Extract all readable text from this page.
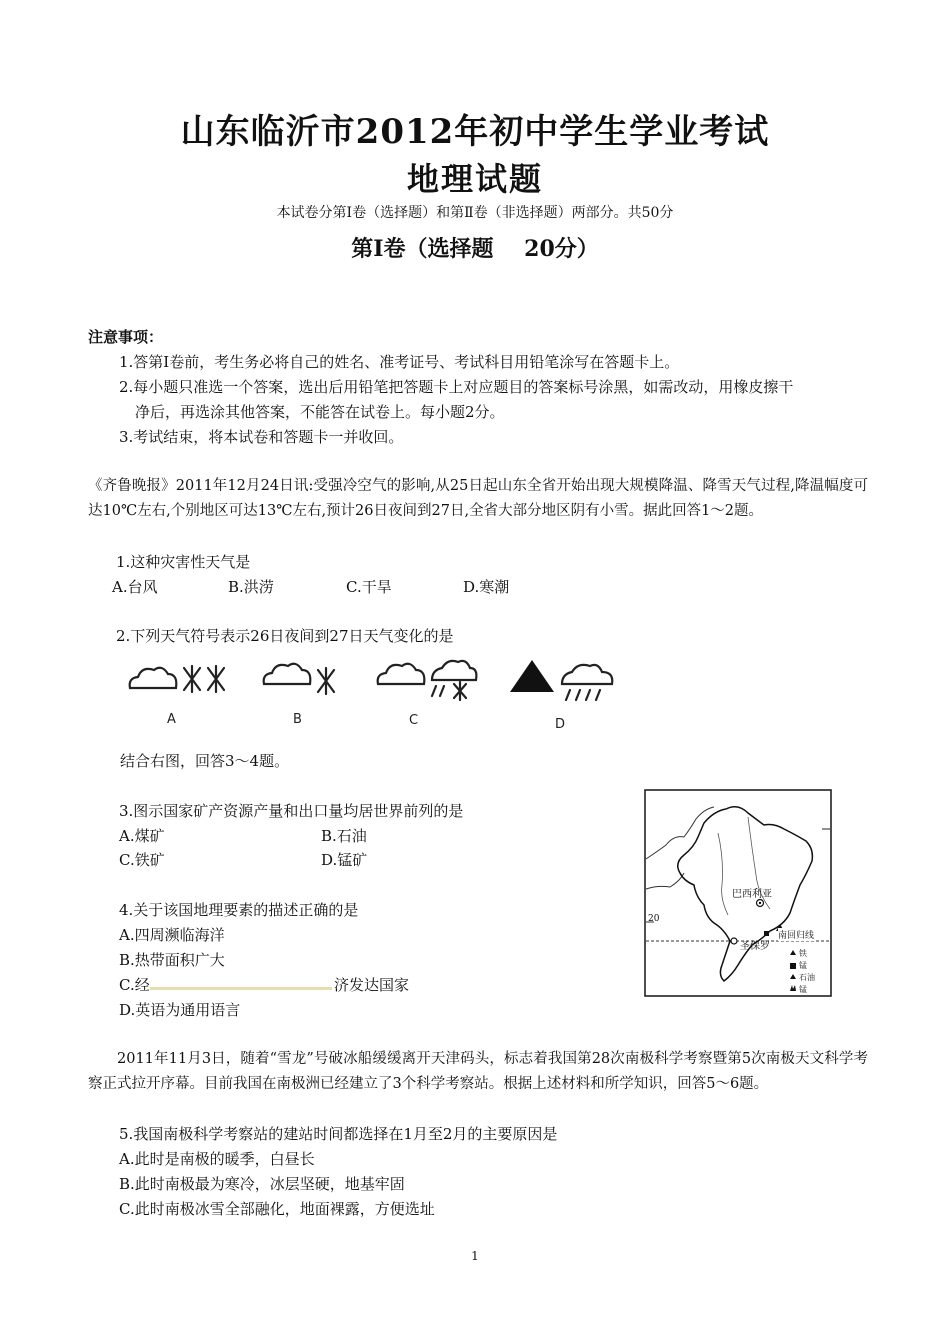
山东临沂市2012年初中学生学业考试
地理试题
本试卷分第Ⅰ卷（选择题）和第Ⅱ卷（非选择题）两部分。共50分
第Ⅰ卷（选择题    20分）
注意事项：
1.答第Ⅰ卷前，考生务必将自己的姓名、准考证号、考试科目用铅笔涂写在答题卡上。
2.每小题只准选一个答案，选出后用铅笔把答题卡上对应题目的答案标号涂黑，如需改动，用橡皮擦干
净后，再选涂其他答案，不能答在试卷上。每小题2分。
3.考试结束，将本试卷和答题卡一并收回。
《齐鲁晚报》2011年12月24日讯:受强冷空气的影响,从25日起山东全省开始出现大规模降温、降雪天气过程,降温幅度可达10℃左右,个别地区可达13℃左右,预计26日夜间到27日,全省大部分地区阴有小雪。据此回答1～2题。
1.这种灾害性天气是
A.台风	B.洪涝	C.干旱	D.寒潮
2.下列天气符号表示26日夜间到27日天气变化的是
A	B	C	D
结合右图，回答3～4题。
3.图示国家矿产资源产量和出口量均居世界前列的是
A.煤矿	B.石油
C.铁矿	D.锰矿
4.关于该国地理要素的描述正确的是
A.四周濒临海洋
B.热带面积广大
C.经	济发达国家
D.英语为通用语言
巴西利亚
圣保罗
南回归线
20
铁
锰
石油
锰
2011年11月3日，随着“雪龙”号破冰船缓缓离开天津码头，标志着我国第28次南极科学考察暨第5次南极天文科学考察正式拉开序幕。目前我国在南极洲已经建立了3个科学考察站。根据上述材料和所学知识，回答5～6题。
5.我国南极科学考察站的建站时间都选择在1月至2月的主要原因是
A.此时是南极的暖季，白昼长
B.此时南极最为寒冷，冰层坚硬，地基牢固
C.此时南极冰雪全部融化，地面裸露，方便选址
1
